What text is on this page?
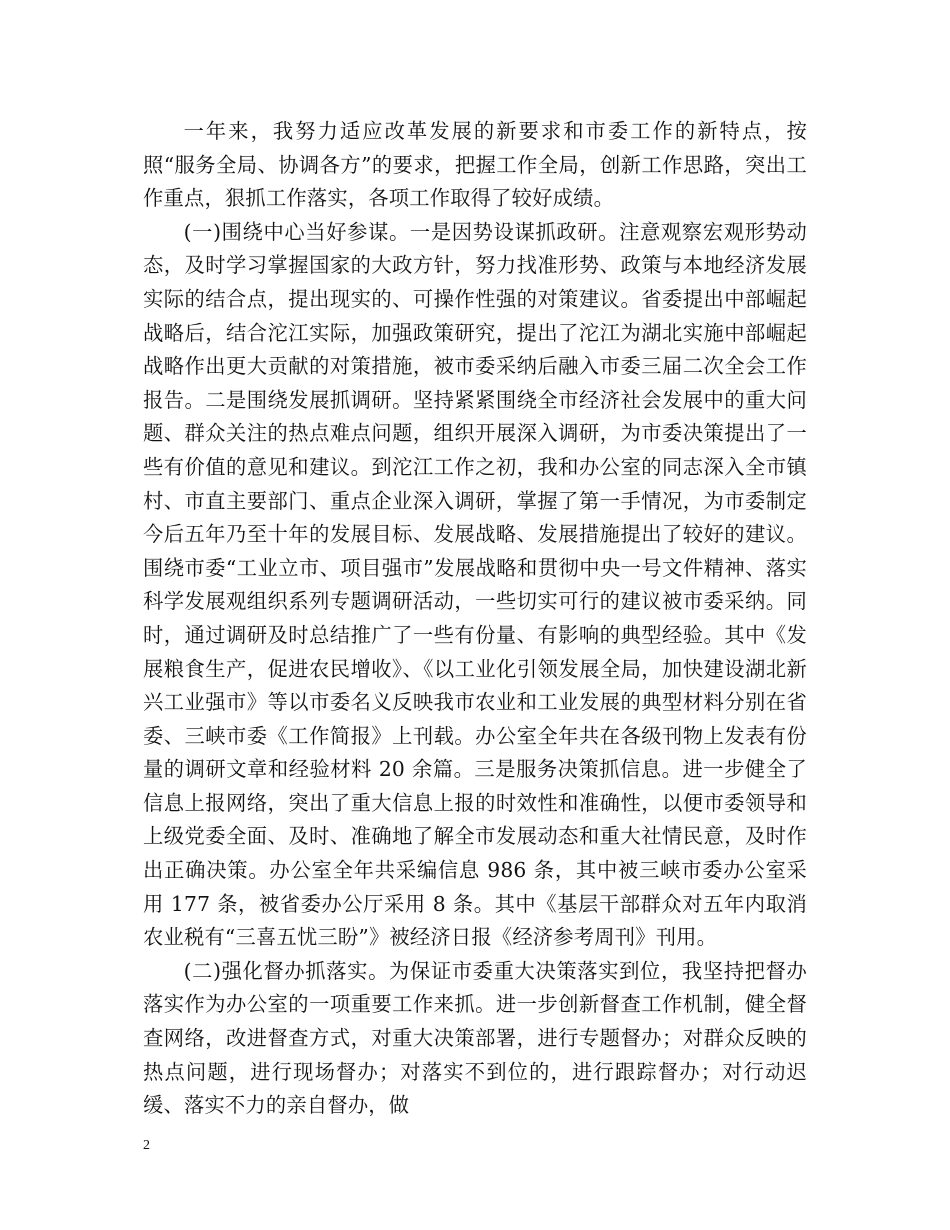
一年来，我努力适应改革发展的新要求和市委工作的新特点，按照“服务全局、协调各方”的要求，把握工作全局，创新工作思路，突出工作重点，狠抓工作落实，各项工作取得了较好成绩。

(一)围绕中心当好参谋。一是因势设谋抓政研。注意观察宏观形势动态，及时学习掌握国家的大政方针，努力找准形势、政策与本地经济发展实际的结合点，提出现实的、可操作性强的对策建议。省委提出中部崛起战略后，结合沱江实际，加强政策研究，提出了沱江为湖北实施中部崛起战略作出更大贡献的对策措施，被市委采纳后融入市委三届二次全会工作报告。二是围绕发展抓调研。坚持紧紧围绕全市经济社会发展中的重大问题、群众关注的热点难点问题，组织开展深入调研，为市委决策提出了一些有价值的意见和建议。到沱江工作之初，我和办公室的同志深入全市镇村、市直主要部门、重点企业深入调研，掌握了第一手情况，为市委制定今后五年乃至十年的发展目标、发展战略、发展措施提出了较好的建议。围绕市委“工业立市、项目强市”发展战略和贯彻中央一号文件精神、落实科学发展观组织系列专题调研活动，一些切实可行的建议被市委采纳。同时，通过调研及时总结推广了一些有份量、有影响的典型经验。其中《发展粮食生产，促进农民增收》、《以工业化引领发展全局，加快建设湖北新兴工业强市》等以市委名义反映我市农业和工业发展的典型材料分别在省委、三峡市委《工作简报》上刊载。办公室全年共在各级刊物上发表有份量的调研文章和经验材料 20 余篇。三是服务决策抓信息。进一步健全了信息上报网络，突出了重大信息上报的时效性和准确性，以便市委领导和上级党委全面、及时、准确地了解全市发展动态和重大社情民意，及时作出正确决策。办公室全年共采编信息 986 条，其中被三峡市委办公室采用 177 条，被省委办公厅采用 8 条。其中《基层干部群众对五年内取消农业税有“三喜五忧三盼”》被经济日报《经济参考周刊》刊用。

(二)强化督办抓落实。为保证市委重大决策落实到位，我坚持把督办落实作为办公室的一项重要工作来抓。进一步创新督查工作机制，健全督查网络，改进督查方式，对重大决策部署，进行专题督办；对群众反映的热点问题，进行现场督办；对落实不到位的，进行跟踪督办；对行动迟缓、落实不力的亲自督办，做

2
